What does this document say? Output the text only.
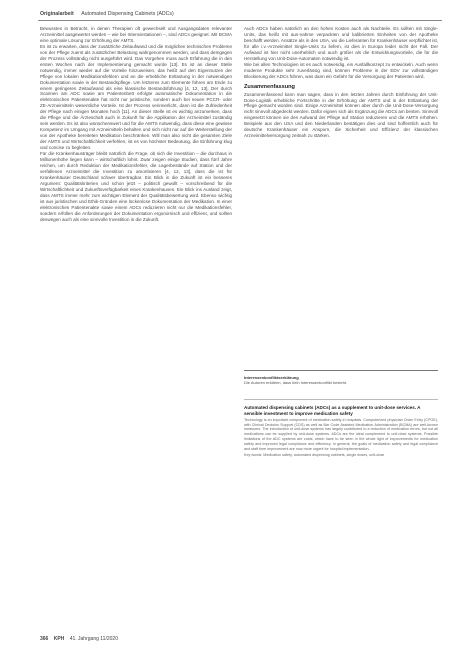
Originalarbeit Automated Dispensing Cabinets (ADCs)

Bewusstes in Betracht, in denen Therapien oft gewechselt und Ausgangsdaten relevanter Arzneimittel ausgewertet werden – wie bei Intensivstationen –, sind ADCs geeignet. Mit BCMA eine optimale Lösung zur Erhöhung der AMTS.

Es ist zu erwarten, dass der zusätzliche Zeitaufwand und die möglichen technischen Probleme von der Pflege zuerst als zusätzlicher Belastung wahrgenommen werden, und dass demgegen der Prozess vollständig nicht ausgeführt wird. Das Vorgehen muss auch Erfahrung die in den ersten Wochen nach der Implementierung gemacht wurde [13]. Es ist an dieser Stelle notwendig, immer wieder auf die Vorteile hinzuweisen, das heißt auf den Eigennutzen der Pflege von lokalen Medikationsfehlern und an die erhebliche Entlastung in der notwendigen Dokumentation sowie in der Bestandspflege. Um letzteres zum Elemente führen am Ende zu einem geringeren Zeitaufwand als eine klassische Bestandsführung [4, 12, 13]. Der durch Scannen am ADC sowie am Patientenbett erfolgte automatische Dokumentation in die elektronischen Patientenakte hat nicht nur juristische, sondern auch bei neuen PCCR- oder ZE-Arzneimitteln wesentliche Vorteile. Ist der Prozess verinnerlicht, dann ist die Zufriedenheit der Pflege nach einigen Monaten hoch [11]. An dieser Stelle ist es wichtig anzumerken, dass die Pflege und die Ärzteschaft auch in Zukunft für die Applikation der Arzneimittel zuständig sein werden. Es ist also wünschenswert und für die AMTS notwendig, dass diese eine gewisse Kompetenz im Umgang mit Arzneimitteln behalten und sich nicht nur auf die Weiterstellung der von der Apotheke bereiteten Medikation beschränken. Will man also nicht die gesamten Ziele der AMTS und Wirtschaftlichkeit verfehlen, ist es von höchster Bedeutung, die Einführung klug und concise zu begleiten.

Für die Krankenhausträger bleibt natürlich die Frage, ob sich die Investition – die durchaus in Millionenhöhe liegen kann – wirtschaftlich lohnt. Zwar zeigen einige Studien, dass fünf Jahre reichen, um durch Reduktion der Medikationsfehler, die Lagerbestände auf Station und der verfallenen Arzneimittel die Investition zu amortisieren [4, 12, 13], dass die ist für Krankenhäuser Deutschland schwer übertragbar. Ein Blick in die Zukunft ist ein besseres Argument: Qualitätskriterien und schon jetzt – politisch gewollt – vorschreibend für die Wirtschaftlichkeit und Zukunftsverfügbarkeit eines Krankenhauses. Ein Blick ins Ausland zeigt, dass AMTS immer mehr zum wichtigen Element der Qualitätsbewertung wird. Ebenso wichtig ist aus juristischen und Ethik-Gründen eine lückenlose Dokumentation der Medikation. In einer elektronischen Patientenakte sowie einem ADCs reduzieren nicht nur die Medikationsfehler, sondern erfüllen die Anforderungen der Dokumentation ergonomisch und effizient, und sollten deswegen auch als eine sinnvolle Investition in die Zukunft.

Auch ADCs haben natürlich an den hohen Kosten auch als Nachteile. Es sollten mit Single-Units, das heißt mit aus-nahme verpackten und kalibrierten Einheiten von der Apotheke beschafft werden. Ansätze als in den USA, wo die Lieferanten für Krankenhäuser verpflichtet ist, für alle i.v.-Arzneimittel Single-Units zu liefern, ist dies in Europa leider nicht der Fall. Der Aufwand ist hier nicht unerheblich und auch größer als die Entwicklungsvorteile, die für die Herstellung von Unit-Dose-Automaten notwendig ist.

Wie bei allen Technologien ist es auch notwendig, ein Ausfallkonzept zu entwickeln. Auch wenn moderne Produkte sehr zuverlässig sind, können Probleme in der EDV zur vollständigen Blockierung der ADCs führen, was dann ein Gefahr für die Versorgung der Patienten wird.

Zusammenfassung

Zusammenfassend kann man sagen, dass in den letzten Jahren durch Einführung der Unit-Dose-Logistik erhebliche Fortschritte in der Erhöhung der AMTS und in der Entlastung der Pflege gemacht worden sind. Einige Arzneimittel können aber durch die Unit-Dose-Versorgung nicht sinnvoll abgedeckt werden. Dafür eignen sich als Ergänzung die ADCs am besten. Sinnvoll eingesetzt können sie den Aufwand der Pflege auf Station reduzieren und die AMTS erhöhen. Beispiele aus den USA und den Niederlanden bestätigen dies und sind hoffentlich auch für deutsche Krankenhäuser ein Ansporn, die Sicherheit und Effizienz der klassischen Arzneimittelversorgung zeitnah zu stärken.

Interessenkonfliktserklärung
Die Autoren erklären, dass kein Interessenkonflikt besteht.
Automated dispensing cabinets (ADCs) as a supplement to unit-dose services. A sensible investment to improve medication safety
Technology is an important component of medication safety in hospitals. Computerized physician Order Entry (CPOE), with Clinical Decision Support (CDS) as well as Bar Code Assisted Medication Administration (BCMA) are well-known measures. The introduction of unit-dose systems has largely contributed to a reduction of medication errors, but not all medications can be supplied by unit-dose systems. ADCs are the ideal complement to unit-dose systems. Possible limitations of the ADC systems are costs, which have to be seen in the whole light of improvements for medication safety and improved legal compliance and efficiency. In general, the goals of medication safety and legal compliance and staff time improvement are now more urgent for hospital implementation.
Key words: Medication safety, automated dispensing cabinets, single doses, unit-dose
366 KPH 41. Jahrgang 11/2020
